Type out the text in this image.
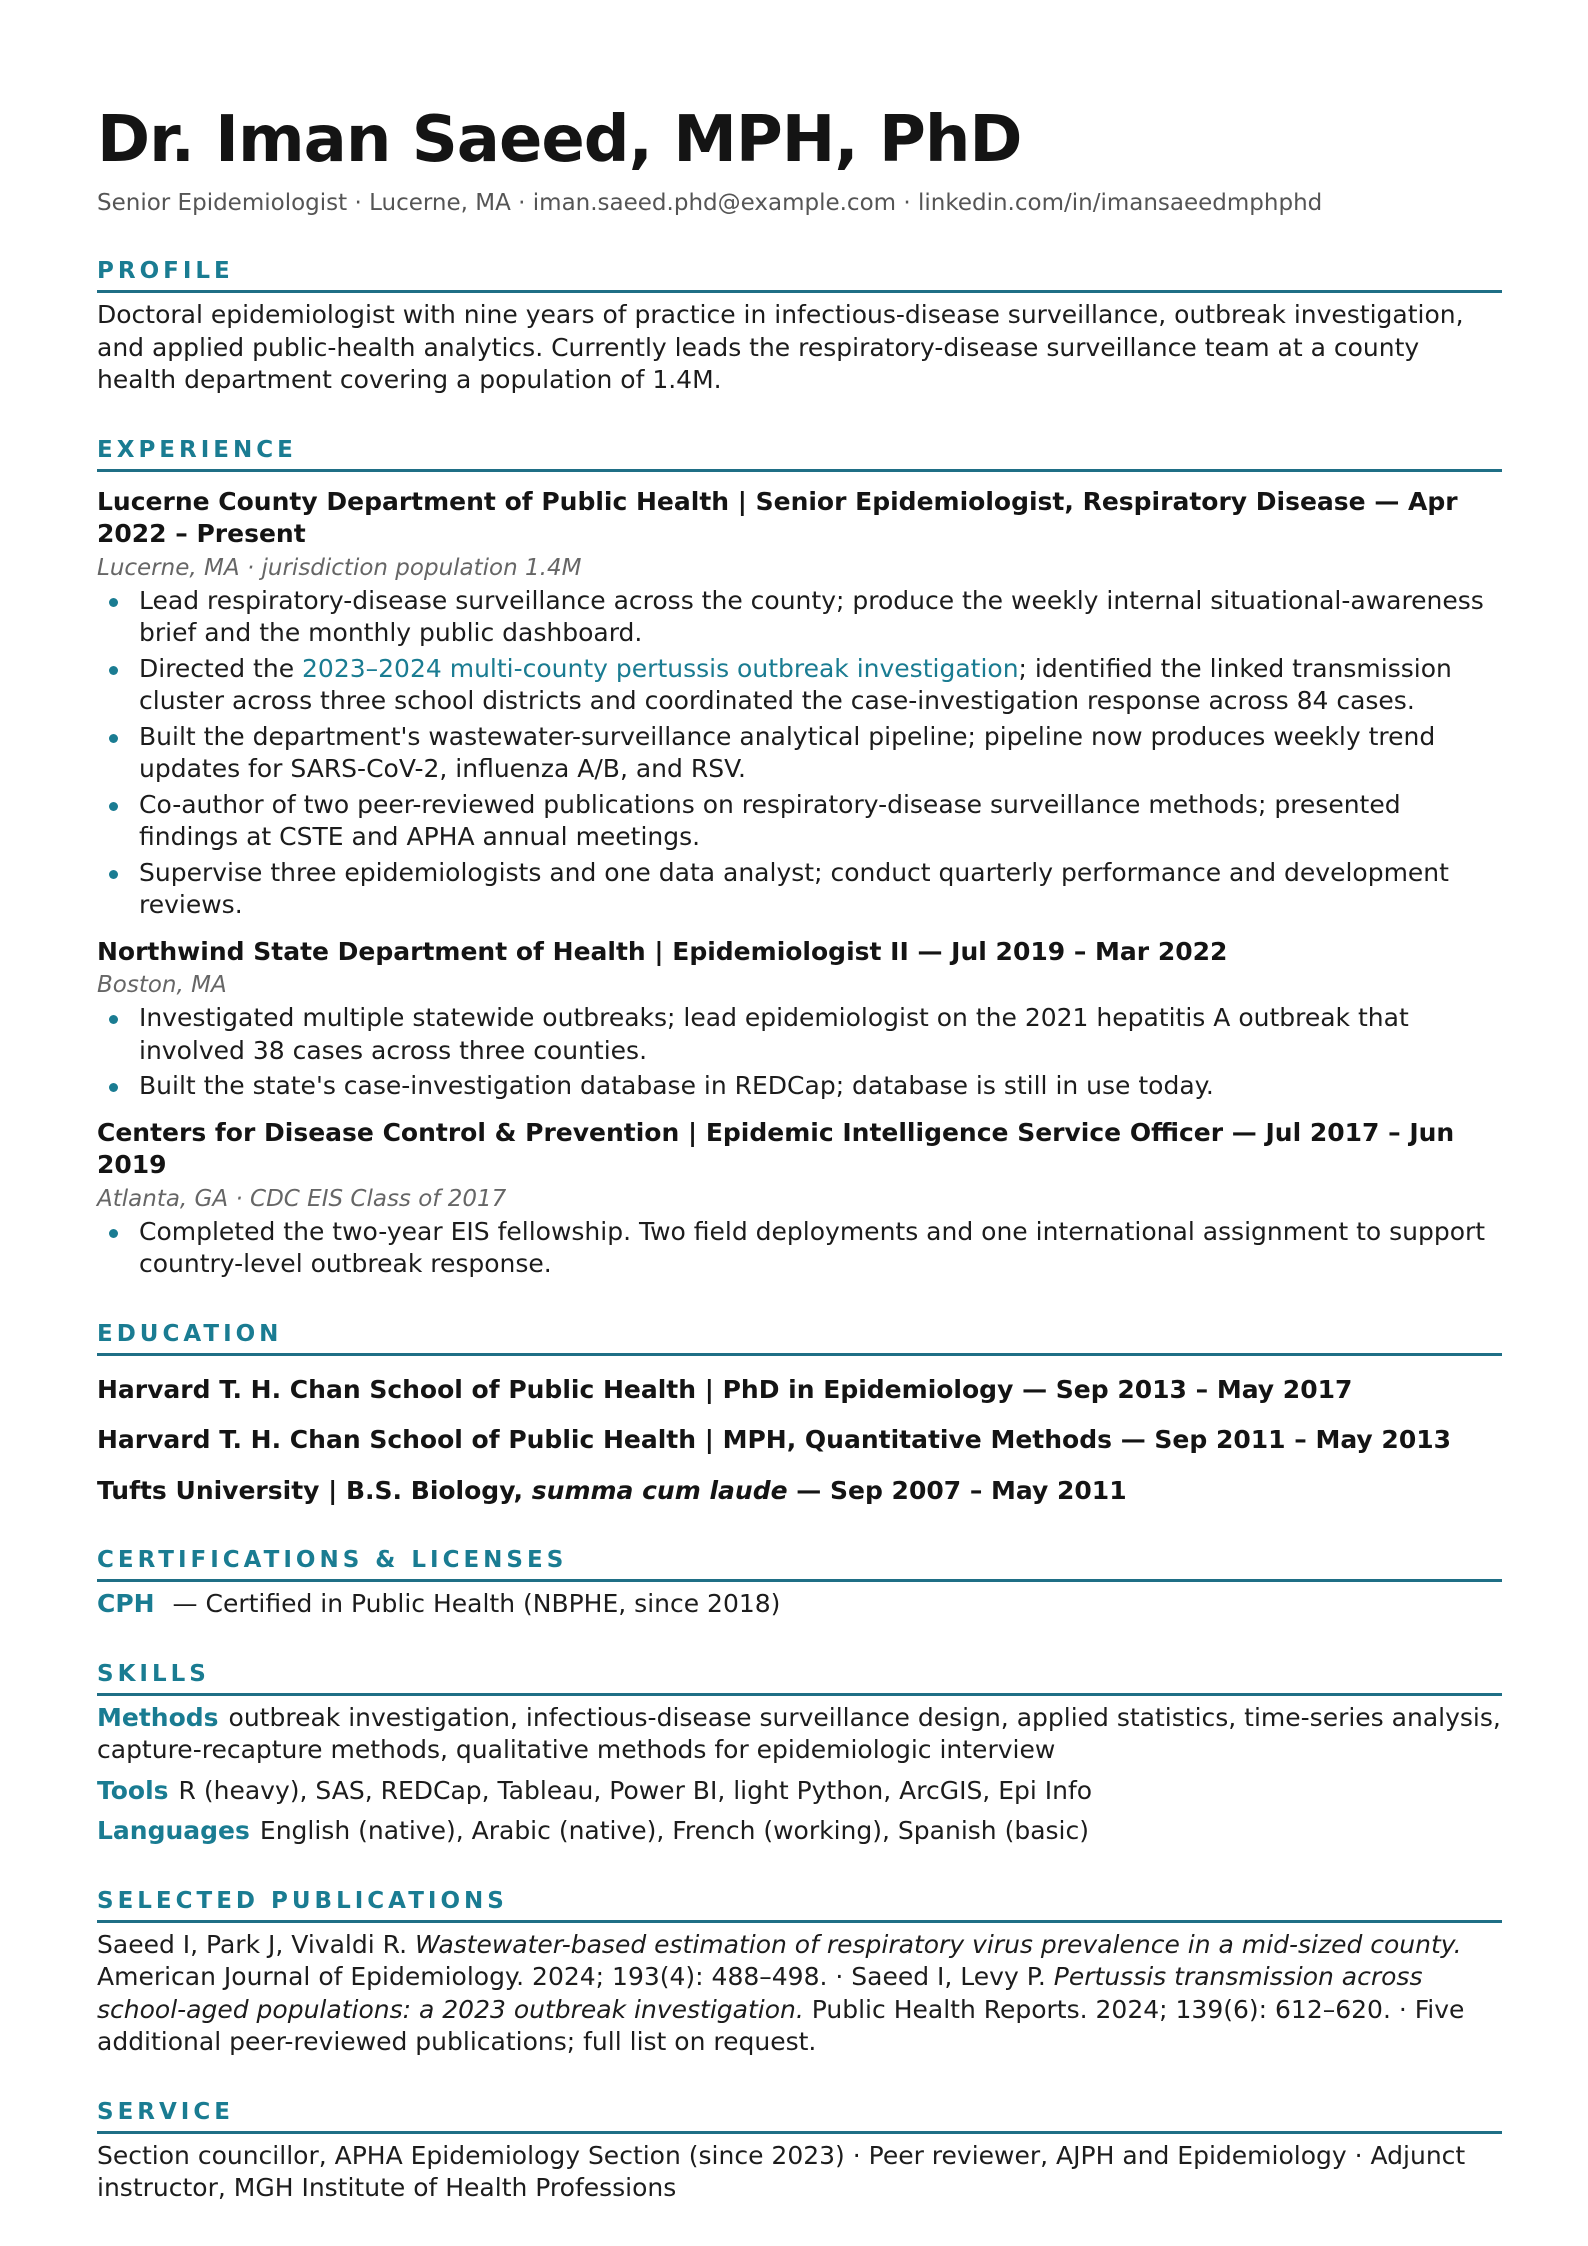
Dr. Iman Saeed, MPH, PhD
Senior Epidemiologist · Lucerne, MA · iman.saeed.phd@example.com · linkedin.com/in/imansaeedmphphd
PROFILE

Doctoral epidemiologist with nine years of practice in infectious-disease surveillance, outbreak investigation, and applied public-health analytics. Currently leads the respiratory-disease surveillance team at a county health department covering a population of 1.4M.

EXPERIENCE
Lucerne County Department of Public Health | Senior Epidemiologist, Respiratory Disease — Apr 2022 – Present
Lucerne, MA · jurisdiction population 1.4M
Lead respiratory-disease surveillance across the county; produce the weekly internal situational-awareness brief and the monthly public dashboard.
Directed the 2023–2024 multi-county pertussis outbreak investigation; identified the linked transmission cluster across three school districts and coordinated the case-investigation response across 84 cases.
Built the department's wastewater-surveillance analytical pipeline; pipeline now produces weekly trend updates for SARS-CoV-2, influenza A/B, and RSV.
Co-author of two peer-reviewed publications on respiratory-disease surveillance methods; presented findings at CSTE and APHA annual meetings.
Supervise three epidemiologists and one data analyst; conduct quarterly performance and development reviews.
Northwind State Department of Health | Epidemiologist II — Jul 2019 – Mar 2022
Boston, MA
Investigated multiple statewide outbreaks; lead epidemiologist on the 2021 hepatitis A outbreak that involved 38 cases across three counties.
Built the state's case-investigation database in REDCap; database is still in use today.
Centers for Disease Control & Prevention | Epidemic Intelligence Service Officer — Jul 2017 – Jun 2019
Atlanta, GA · CDC EIS Class of 2017
Completed the two-year EIS fellowship. Two field deployments and one international assignment to support country-level outbreak response.
EDUCATION
Harvard T. H. Chan School of Public Health | PhD in Epidemiology — Sep 2013 – May 2017
Harvard T. H. Chan School of Public Health | MPH, Quantitative Methods — Sep 2011 – May 2013
Tufts University | B.S. Biology, summa cum laude — Sep 2007 – May 2011
CERTIFICATIONS & LICENSES
CPH — Certified in Public Health (NBPHE, since 2018)
SKILLS
Methods outbreak investigation, infectious-disease surveillance design, applied statistics, time-series analysis, capture-recapture methods, qualitative methods for epidemiologic interview
Tools R (heavy), SAS, REDCap, Tableau, Power BI, light Python, ArcGIS, Epi Info
Languages English (native), Arabic (native), French (working), Spanish (basic)
SELECTED PUBLICATIONS

Saeed I, Park J, Vivaldi R. Wastewater-based estimation of respiratory virus prevalence in a mid-sized county. American Journal of Epidemiology. 2024; 193(4): 488–498. · Saeed I, Levy P. Pertussis transmission across school-aged populations: a 2023 outbreak investigation. Public Health Reports. 2024; 139(6): 612–620. · Five additional peer-reviewed publications; full list on request.

SERVICE

Section councillor, APHA Epidemiology Section (since 2023) · Peer reviewer, AJPH and Epidemiology · Adjunct instructor, MGH Institute of Health Professions
